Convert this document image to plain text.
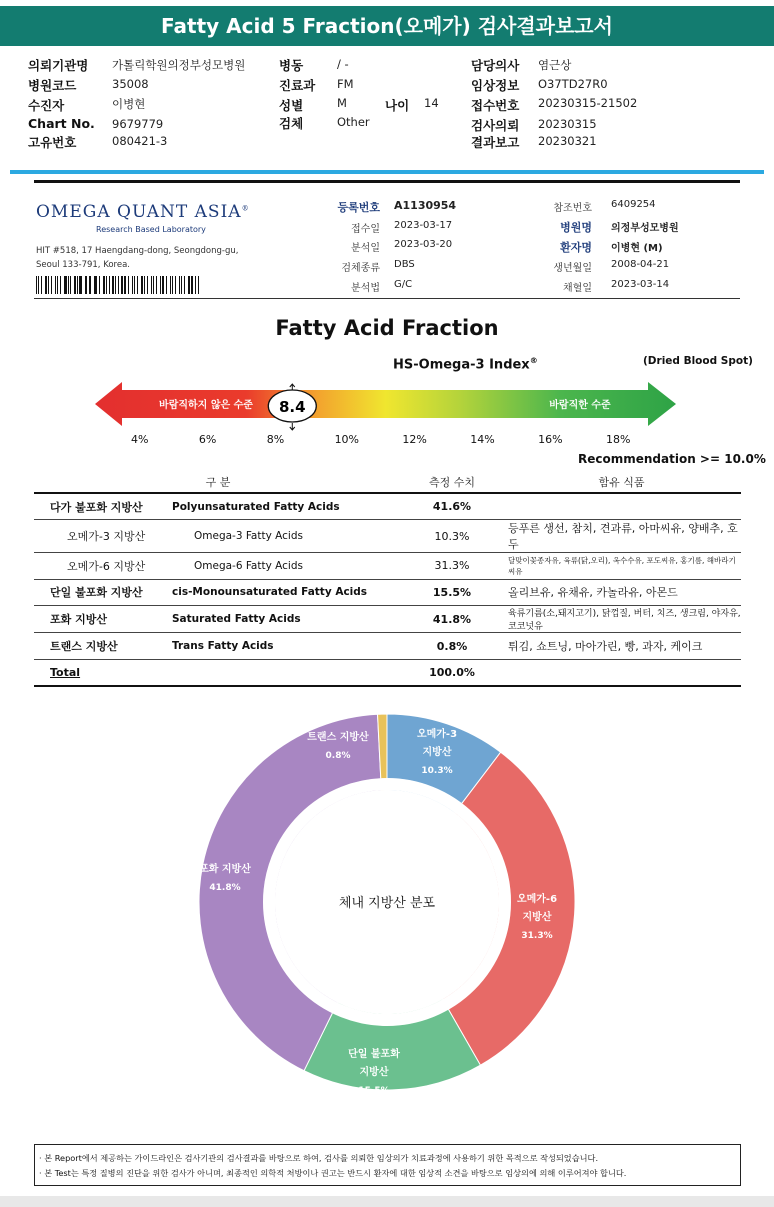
Fatty Acid 5 Fraction(오메가) 검사결과보고서
의뢰기관명 가톨릭학원의정부성모병원
병원코드	35008
수진자	이병현
Chart No. 9679779
고유번호	080421-3
병동	/ -
진료과 FM
성별	M	나이 14
검체	Other
담당의사 염근상
임상정보 O37TD27R0
접수번호 20230315-21502
검사의뢰 20230315
결과보고 20230321
OMEGA QUANT ASIA®
Research Based Laboratory
HIT #518, 17 Haengdang-dong, Seongdong-gu, Seoul 133-791, Korea.
등록번호 A1130954
접수일 2023-03-17
분석일 2023-03-20
검체종류 DBS
분석법 G/C
참조번호 6409254
병원명 의정부성모병원
환자명 이병현 (M)
생년월일 2008-04-21
채혈일 2023-03-14
Fatty Acid Fraction
HS-Omega-3 Index®	(Dried Blood Spot)
바람직하지 않은 수준	바람직한 수준
8.4
4%	6%	8%	10%	12%	14%	16%	18%
Recommendation >= 10.0%
구 분		측정 수치	함유 식품
다가 불포화 지방산	Polyunsaturated Fatty Acids	41.6%	
오메가-3 지방산	Omega-3 Fatty Acids	10.3%	등푸른 생선, 참치, 견과류, 아마씨유, 양배추, 호두
오메가-6 지방산	Omega-6 Fatty Acids	31.3%	달맞이꽃종자유, 육류(닭,오리), 옥수수유, 포도씨유, 홍기름, 해바라기씨유
단일 불포화 지방산	cis-Monounsaturated Fatty Acids	15.5%	올리브유, 유채유, 카놀라유, 아몬드
포화 지방산	Saturated Fatty Acids	41.8%	육류기름(소,돼지고기), 닭껍질, 버터, 치즈, 생크림, 야자유, 코코넛유
트랜스 지방산	Trans Fatty Acids	0.8%	튀김, 쇼트닝, 마아가린, 빵, 과자, 케이크
Total		100.0%	
오메가-3
지방산
10.3%
오메가-6
지방산
31.3%
단일 불포화
지방산
15.5%
포화 지방산
41.8%
트랜스 지방산
0.8%
체내 지방산 분포
· 본 Report에서 제공하는 가이드라인은 검사기관의 검사결과를 바탕으로 하여, 검사를 의뢰한 임상의가 치료과정에 사용하기 위한 목적으로 작성되었습니다.
· 본 Test는 특정 질병의 진단을 위한 검사가 아니며, 최종적인 의학적 처방이나 권고는 반드시 환자에 대한 임상적 소견을 바탕으로 임상의에 의해 이루어져야 합니다.
